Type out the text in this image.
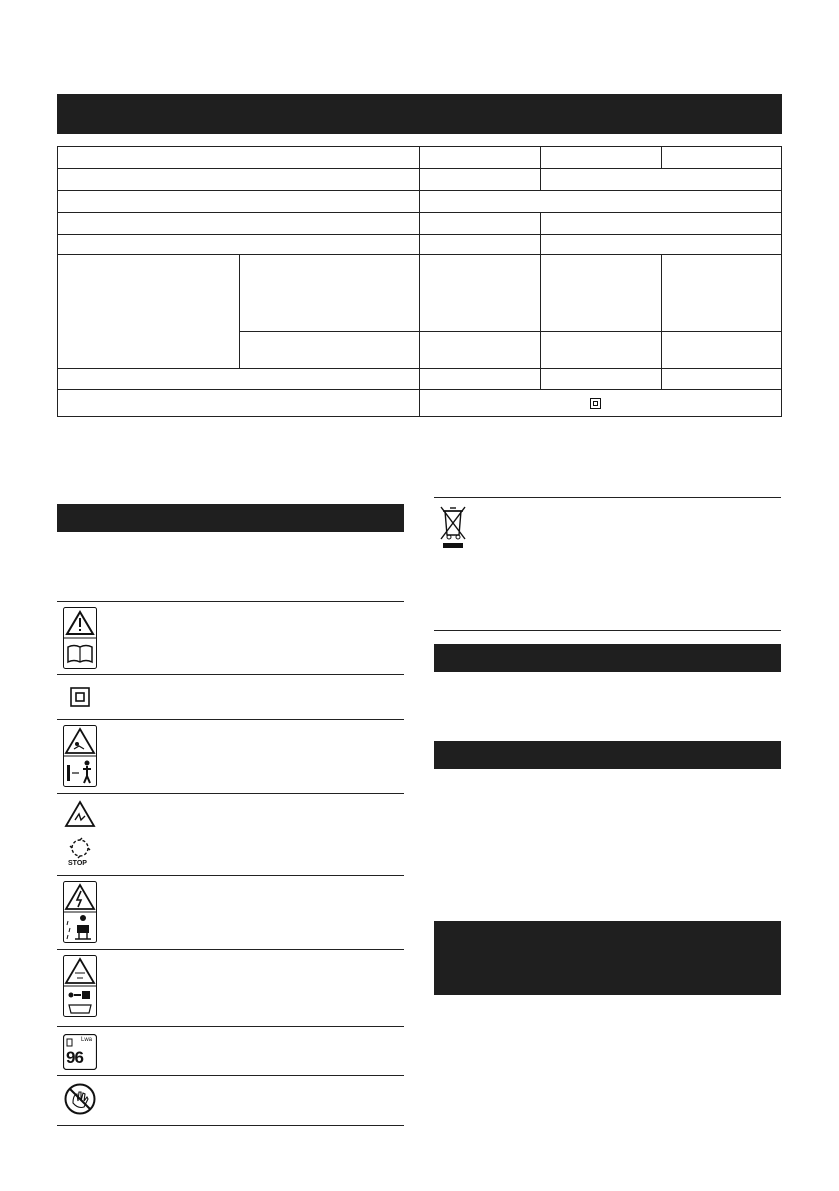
STOP
Lwa
96
